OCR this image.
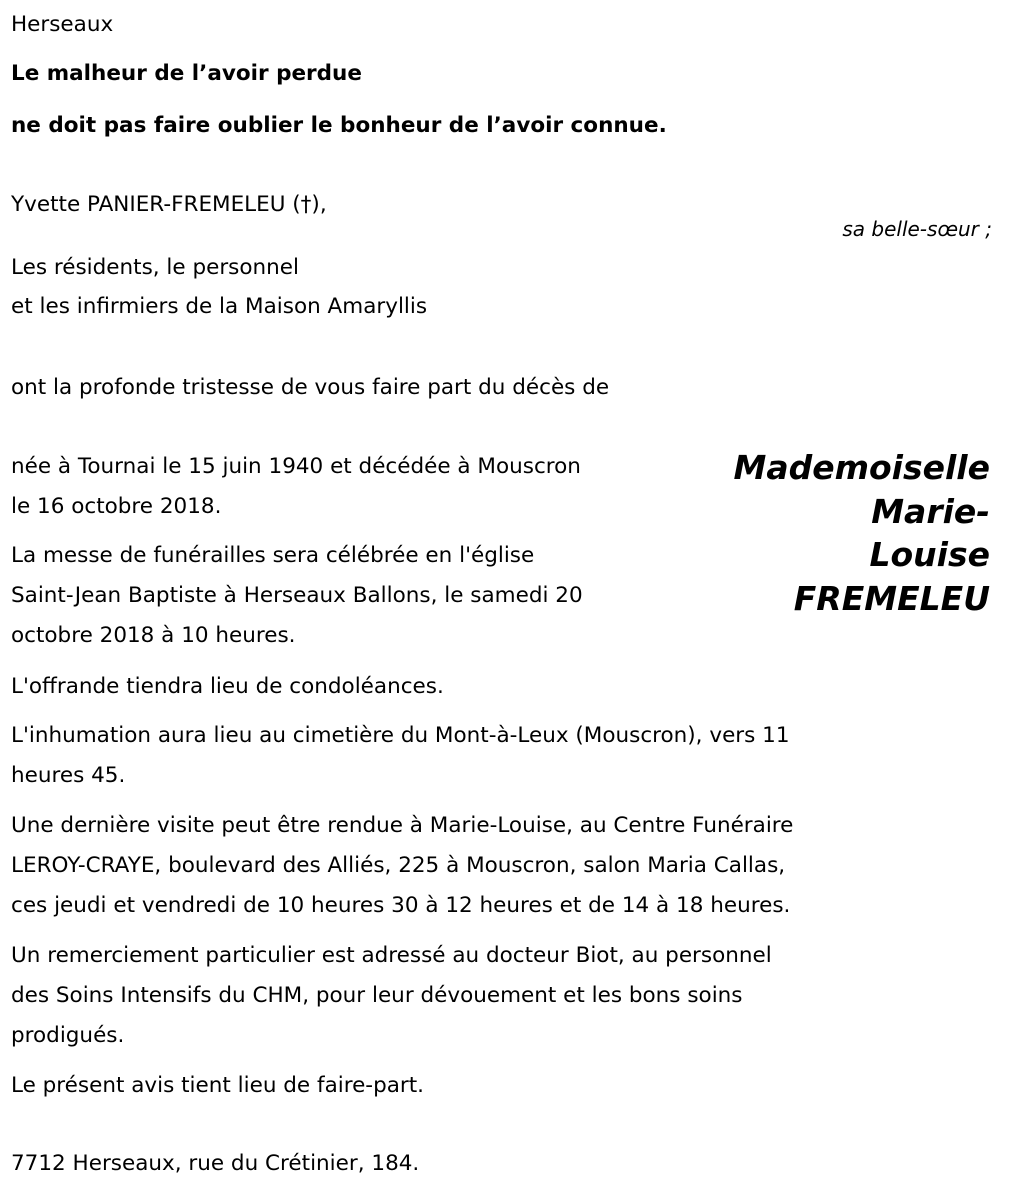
Herseaux
Le malheur de l’avoir perdue
ne doit pas faire oublier le bonheur de l’avoir connue.
Yvette PANIER-FREMELEU (†),
sa belle-sœur ;
Les résidents, le personnel
et les infirmiers de la Maison Amaryllis
ont la profonde tristesse de vous faire part du décès de
Mademoiselle
Marie-
Louise
FREMELEU
née à Tournai le 15 juin 1940 et décédée à Mouscron
le 16 octobre 2018.
La messe de funérailles sera célébrée en l'église
Saint-Jean Baptiste à Herseaux Ballons, le samedi 20
octobre 2018 à 10 heures.
L'offrande tiendra lieu de condoléances.
L'inhumation aura lieu au cimetière du Mont-à-Leux (Mouscron), vers 11
heures 45.
Une dernière visite peut être rendue à Marie-Louise, au Centre Funéraire
LEROY-CRAYE, boulevard des Alliés, 225 à Mouscron, salon Maria Callas,
ces jeudi et vendredi de 10 heures 30 à 12 heures et de 14 à 18 heures.
Un remerciement particulier est adressé au docteur Biot, au personnel
des Soins Intensifs du CHM, pour leur dévouement et les bons soins
prodigués.
Le présent avis tient lieu de faire-part.
7712 Herseaux, rue du Crétinier, 184.
